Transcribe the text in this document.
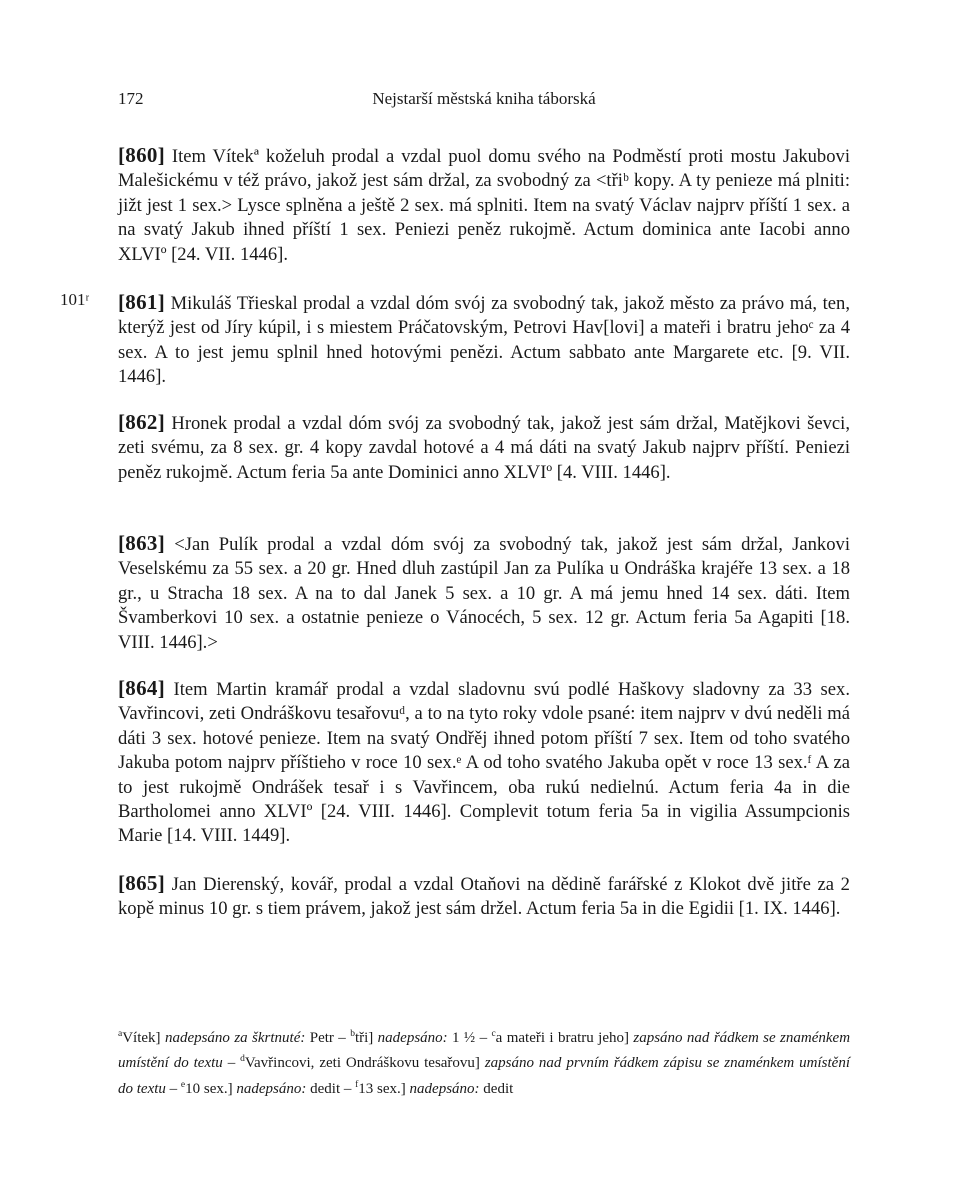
172	Nejstarší městská kniha táborská
[860] Item Vítekª koželuh prodal a vzdal puol domu svého na Podměstí proti mostu Jakubovi Malešickému v též právo, jakož jest sám držal, za svobodný za <třiᵇ kopy. A ty penieze má plniti: jižt jest 1 sex.> Lysce splněna a ještě 2 sex. má splniti. Item na svatý Václav najprv příští 1 sex. a na svatý Jakub ihned příští 1 sex. Peniezi peněz rukojmě. Actum dominica ante Iacobi anno XLVIº [24. VII. 1446].
101ʳ [861] Mikuláš Třieskal prodal a vzdal dóm svój za svobodný tak, jakož město za právo má, ten, kterýž jest od Jíry kúpil, i s miestem Práčatovským, Petrovi Hav[lovi] a mateři i bratru jehoᶜ za 4 sex. A to jest jemu splnil hned hotovými penězi. Actum sabbato ante Margarete etc. [9. VII. 1446].
[862] Hronek prodal a vzdal dóm svój za svobodný tak, jakož jest sám držal, Matějkovi ševci, zeti svému, za 8 sex. gr. 4 kopy zavdal hotové a 4 má dáti na svatý Jakub najprv příští. Peniezi peněz rukojmě. Actum feria 5a ante Dominici anno XLVIº [4. VIII. 1446].
[863] <Jan Pulík prodal a vzdal dóm svój za svobodný tak, jakož jest sám držal, Jankovi Veselskému za 55 sex. a 20 gr. Hned dluh zastúpil Jan za Pulíka u Ondráška krajéře 13 sex. a 18 gr., u Stracha 18 sex. A na to dal Janek 5 sex. a 10 gr. A má jemu hned 14 sex. dáti. Item Švamberkovi 10 sex. a ostatnie penieze o Vánocéch, 5 sex. 12 gr. Actum feria 5a Agapiti [18. VIII. 1446].>
[864] Item Martin kramář prodal a vzdal sladovnu svú podlé Haškovy sladovny za 33 sex. Vavřincovi, zeti Ondráškovu tesařovuᵈ, a to na tyto roky vdole psané: item najprv v dvú neděli má dáti 3 sex. hotové penieze. Item na svatý Ondřěj ihned potom příští 7 sex. Item od toho svatého Jakuba potom najprv příštieho v roce 10 sex.ᵉ A od toho svatého Jakuba opět v roce 13 sex.ᶠ A za to jest rukojmě Ondrášek tesař i s Vavřincem, oba rukú nedielnú. Actum feria 4a in die Bartholomei anno XLVIº [24. VIII. 1446]. Complevit totum feria 5a in vigilia Assumpcionis Marie [14. VIII. 1449].
[865] Jan Dierenský, kovář, prodal a vzdal Otaňovi na dědině farářské z Klokot dvě jitře za 2 kopě minus 10 gr. s tiem právem, jakož jest sám držel. Actum feria 5a in die Egidii [1. IX. 1446].
$^a$Vítek] nadepsáno za škrtnuté: Petr – $^b$tři] nadepsáno: 1 ½ – $^c$a mateři i bratru jeho] zapsáno nad řádkem se znaménkem umístění do textu – $^d$Vavřincovi, zeti Ondráškovu tesařovu] zapsáno nad prvním řádkem zápisu se znaménkem umístění do textu – $^e$10 sex.] nadepsáno: dedit – $^f$13 sex.] nadepsáno: dedit
